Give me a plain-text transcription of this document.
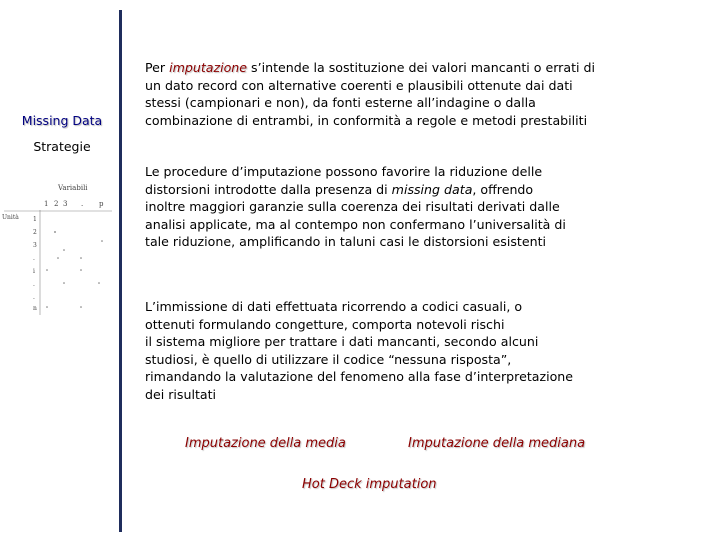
Missing Data
Strategie
Variabili
Unità
1 2 3 . p
1
2
3
.
i
.
.
n

Per imputazione s’intende la sostituzione dei valori mancanti o errati di
un dato record con alternative coerenti e plausibili ottenute dai dati
stessi (campionari e non), da fonti esterne all’indagine o dalla
combinazione di entrambi, in conformità a regole e metodi prestabiliti

Le procedure d’imputazione possono favorire la riduzione delle
distorsioni introdotte dalla presenza di missing data, offrendo
inoltre maggiori garanzie sulla coerenza dei risultati derivati dalle
analisi applicate, ma al contempo non confermano l’universalità di
tale riduzione, amplificando in taluni casi le distorsioni esistenti

L’immissione di dati effettuata ricorrendo a codici casuali, o
ottenuti formulando congetture, comporta notevoli rischi
il sistema migliore per trattare i dati mancanti, secondo alcuni
studiosi, è quello di utilizzare il codice “nessuna risposta”,
rimandando la valutazione del fenomeno alla fase d’interpretazione
dei risultati

Imputazione della media	Imputazione della mediana
Hot Deck imputation
